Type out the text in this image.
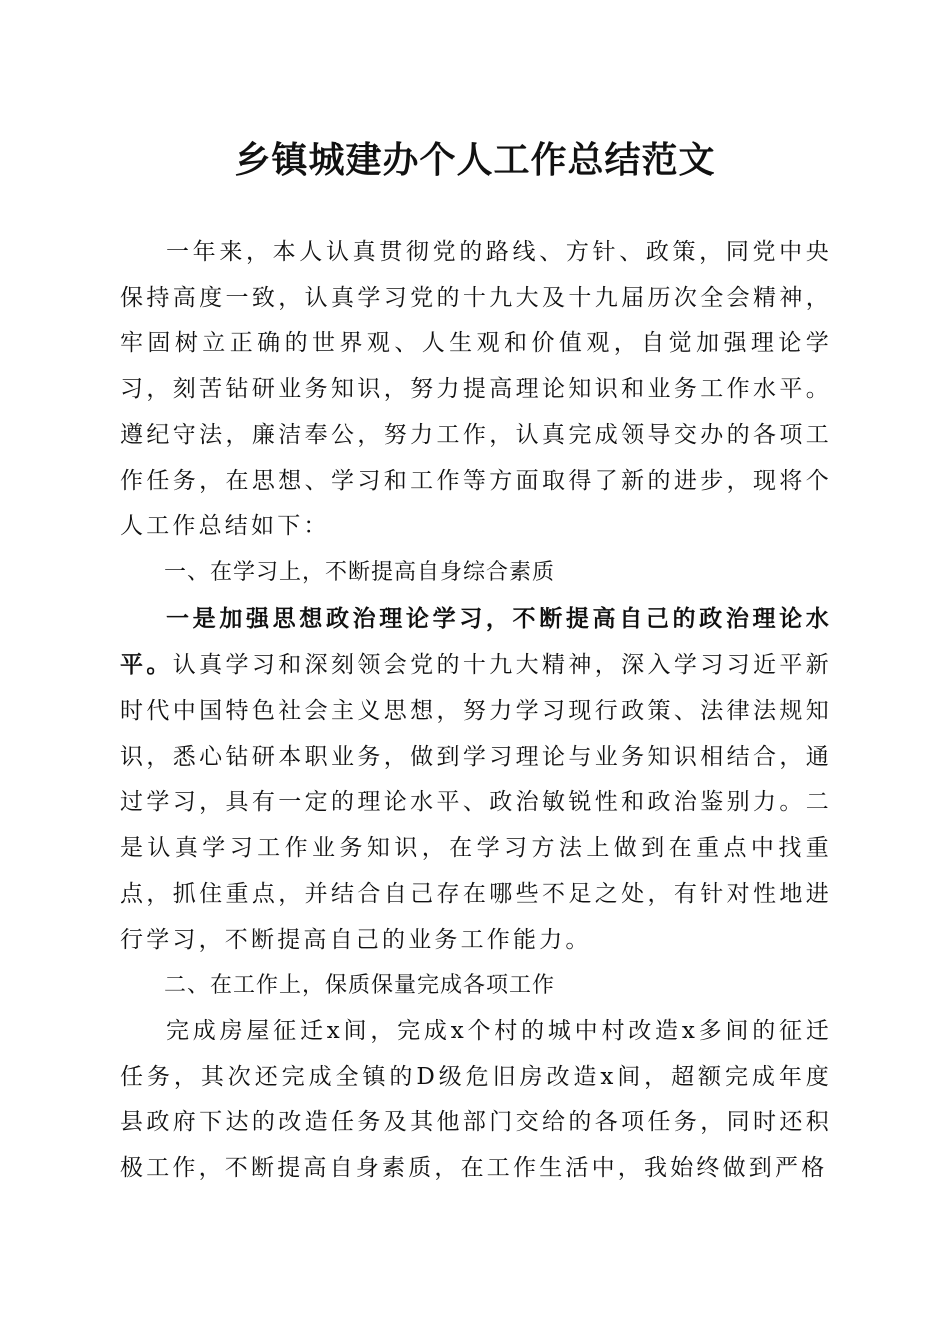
乡镇城建办个人工作总结范文

一年来，本人认真贯彻党的路线、方针、政策，同党中央保持高度一致，认真学习党的十九大及十九届历次全会精神，牢固树立正确的世界观、人生观和价值观，自觉加强理论学习，刻苦钻研业务知识，努力提高理论知识和业务工作水平。遵纪守法，廉洁奉公，努力工作，认真完成领导交办的各项工作任务，在思想、学习和工作等方面取得了新的进步，现将个人工作总结如下：

一、在学习上，不断提高自身综合素质

一是加强思想政治理论学习，不断提高自己的政治理论水平。认真学习和深刻领会党的十九大精神，深入学习习近平新时代中国特色社会主义思想，努力学习现行政策、法律法规知识，悉心钻研本职业务，做到学习理论与业务知识相结合，通过学习，具有一定的理论水平、政治敏锐性和政治鉴别力。二是认真学习工作业务知识，在学习方法上做到在重点中找重点，抓住重点，并结合自己存在哪些不足之处，有针对性地进行学习，不断提高自己的业务工作能力。

二、在工作上，保质保量完成各项工作

完成房屋征迁x间，完成x个村的城中村改造x多间的征迁任务，其次还完成全镇的D级危旧房改造x间，超额完成年度县政府下达的改造任务及其他部门交给的各项任务，同时还积极工作，不断提高自身素质，在工作生活中，我始终做到严格
